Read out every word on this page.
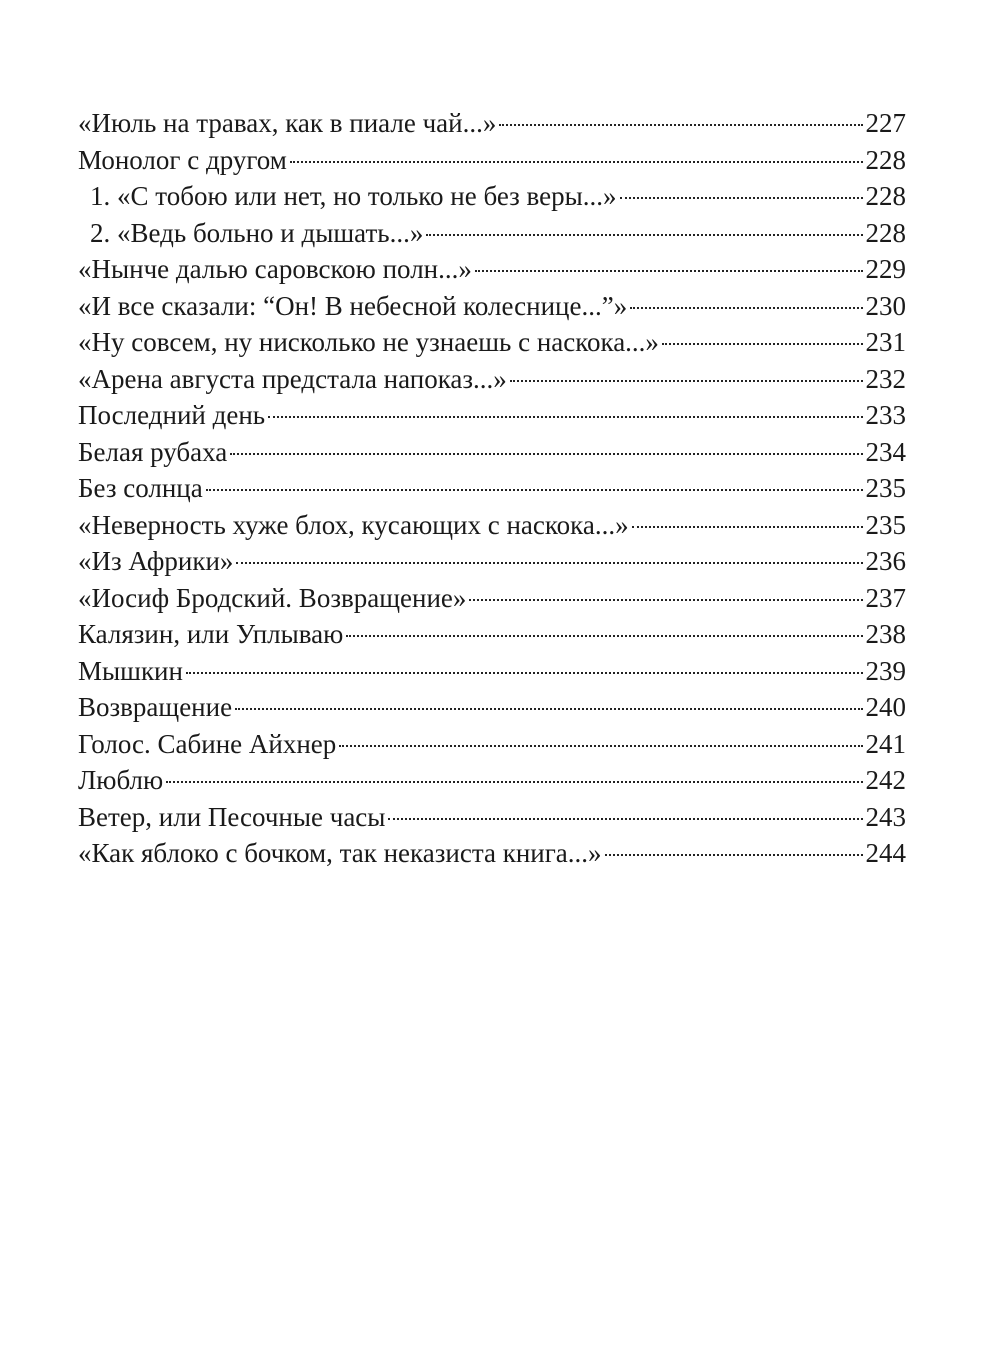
«Июль на травах, как в пиале чай...»	227
Монолог с другом	228
1. «С тобою или нет, но только не без веры...»	228
2. «Ведь больно и дышать...»	228
«Нынче далью саровскою полн...»	229
«И все сказали: “Он! В небесной колеснице...”»	230
«Ну совсем, ну нисколько не узнаешь с наскока...»	231
«Арена августа предстала напоказ...»	232
Последний день	233
Белая рубаха	234
Без солнца	235
«Неверность хуже блох, кусающих с наскока...»	235
«Из Африки»	236
«Иосиф Бродский. Возвращение»	237
Калязин, или Уплываю	238
Мышкин	239
Возвращение	240
Голос. Сабине Айхнер	241
Люблю	242
Ветер, или Песочные часы	243
«Как яблоко с бочком, так неказиста книга...»	244
